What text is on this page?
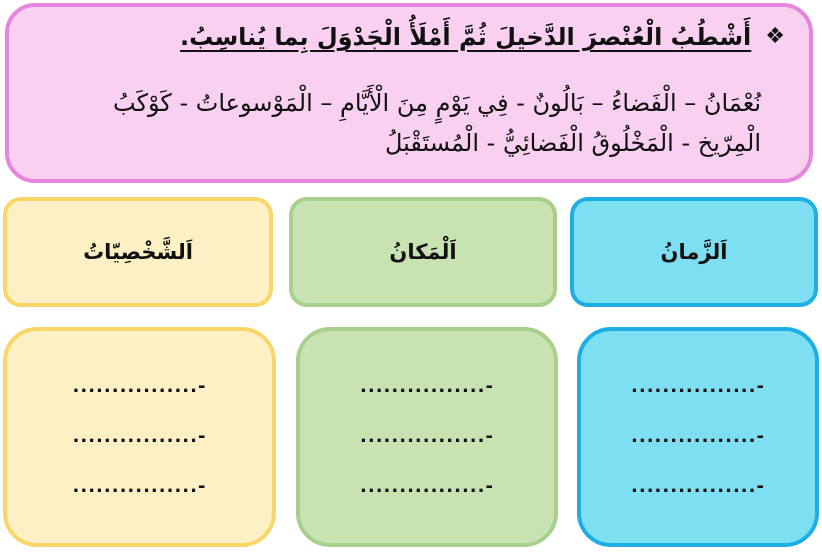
❖
أَشْطُبُ الْعُنْصرَ الدَّخيلَ ثُمَّ أَمْلَأُ الْجَدْوَلَ بِما يُناسِبُ.
نُعْمَانُ – الْفَضاءُ – بَالُونٌ - فِي يَوْمٍ مِنَ الْأَيَّامِ – الْمَوْسوعاتُ - كَوْكَبُ
الْمِرّيخ - الْمَخْلُوقُ الْفَضائِيُّ - الْمُستَقْبَلُ
اَلزَّمانُ
اَلْمَكانُ
اَلشَّخْصِيّاتُ
................-
................-
................-
................-
................-
................-
................-
................-
................-
